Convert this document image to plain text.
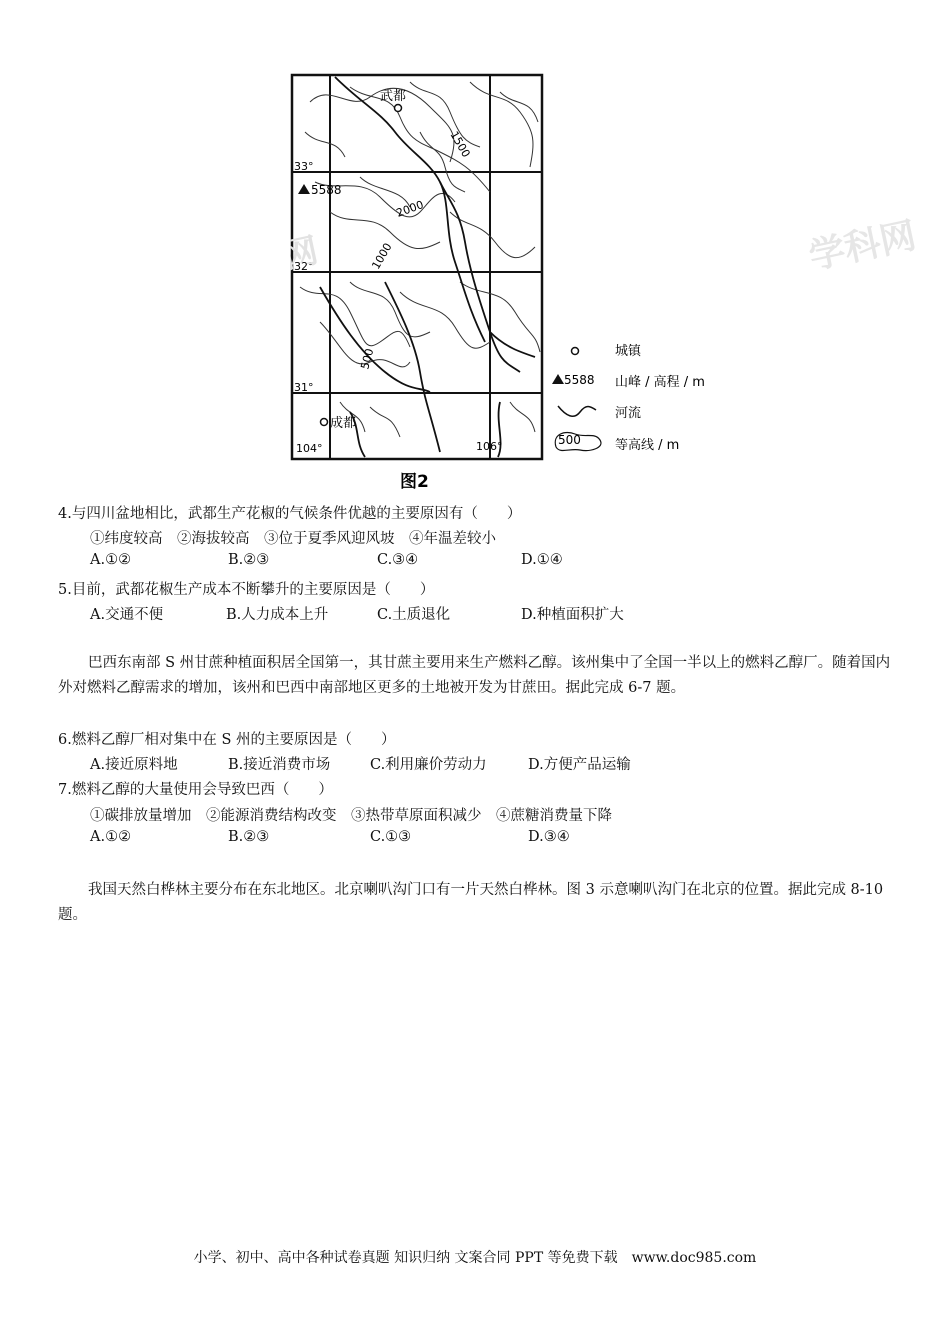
武都
成都
5588
33°
32°
31°
104°	106°
1500
2000
1000
500
学科网
城镇
5588 山峰 / 高程 / m
河流
500	等高线 / m
图2
学科网
4.与四川盆地相比，武都生产花椒的气候条件优越的主要原因有（　　）
①纬度较高　②海拔较高　③位于夏季风迎风坡　④年温差较小
A.①②	B.②③	C.③④	D.①④
5.目前，武都花椒生产成本不断攀升的主要原因是（　　）
A.交通不便	B.人力成本上升	C.土质退化	D.种植面积扩大
巴西东南部 S 州甘蔗种植面积居全国第一，其甘蔗主要用来生产燃料乙醇。该州集中了全国一半以上的燃料乙醇厂。随着国内外对燃料乙醇需求的增加，该州和巴西中南部地区更多的土地被开发为甘蔗田。据此完成 6-7 题。
6.燃料乙醇厂相对集中在 S 州的主要原因是（　　）
A.接近原料地	B.接近消费市场	C.利用廉价劳动力	D.方便产品运输
7.燃料乙醇的大量使用会导致巴西（　　）
①碳排放量增加　②能源消费结构改变　③热带草原面积减少　④蔗糖消费量下降
A.①②	B.②③	C.①③	D.③④
我国天然白桦林主要分布在东北地区。北京喇叭沟门口有一片天然白桦林。图 3 示意喇叭沟门在北京的位置。据此完成 8-10 题。
小学、初中、高中各种试卷真题 知识归纳 文案合同 PPT 等免费下载　www.doc985.com
